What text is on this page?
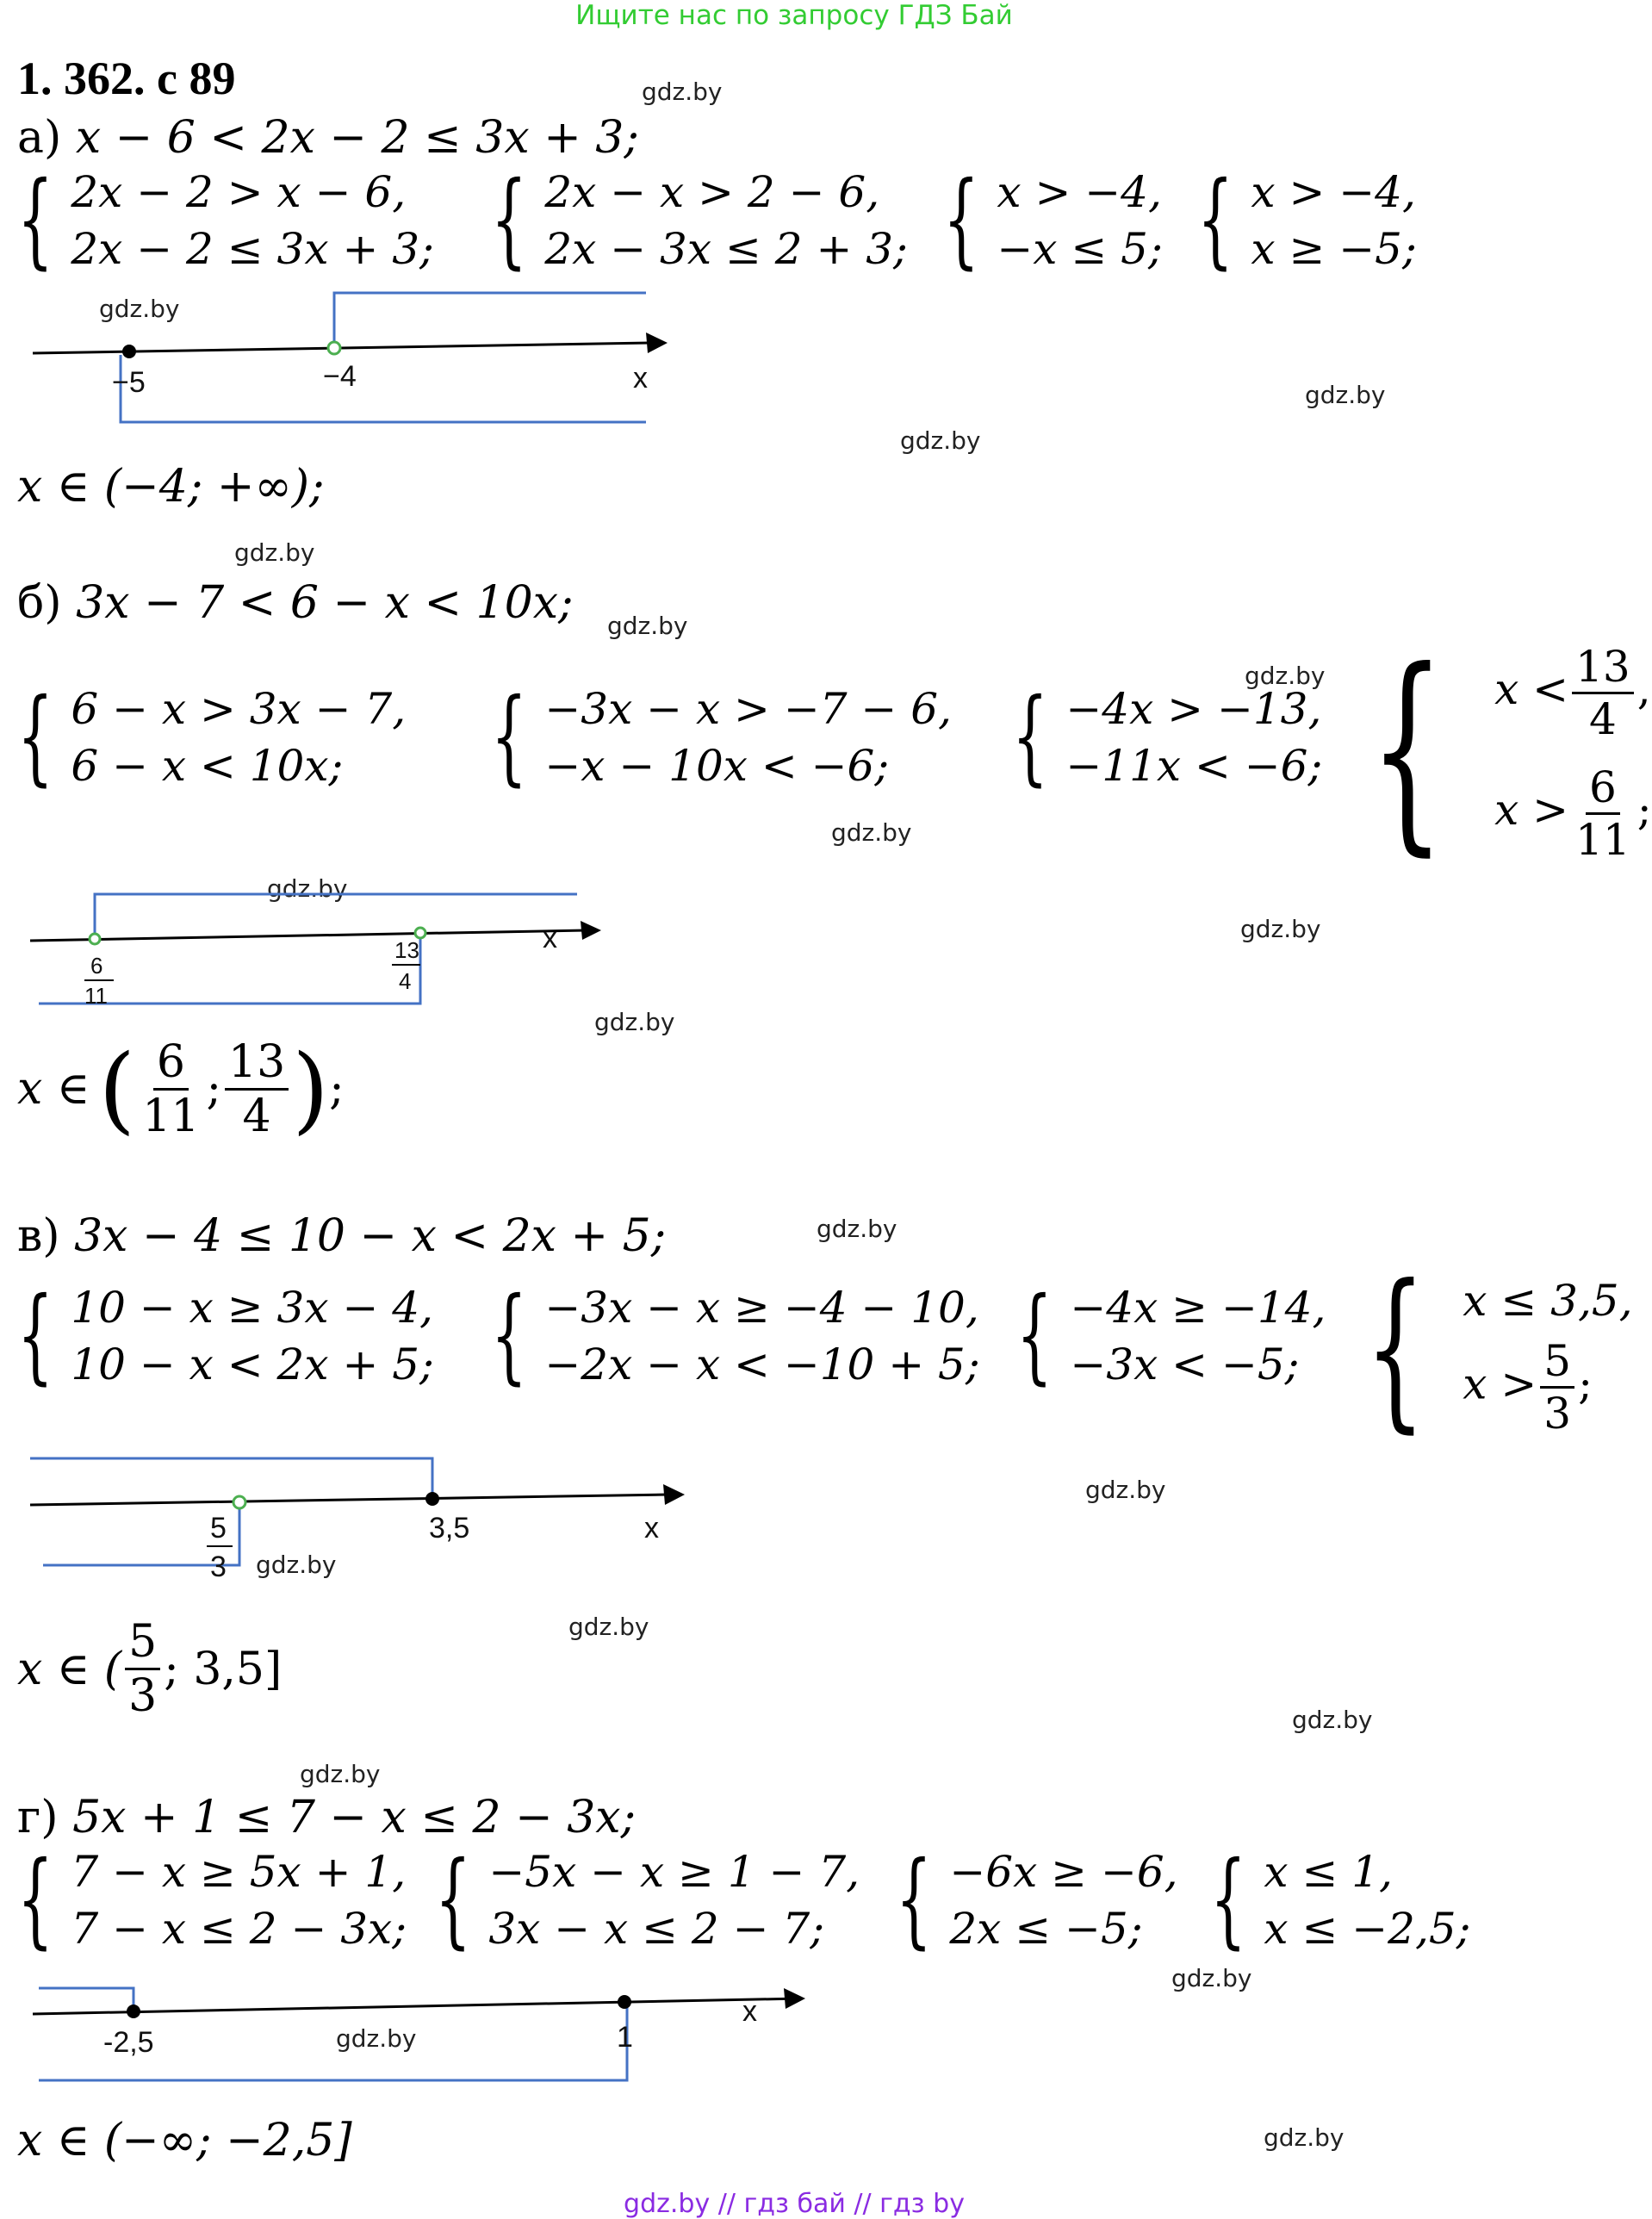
Ищите нас по запросу ГДЗ Бай
1. 362. с 89	gdz.by
gdz.by
gdz.by
gdz.by
gdz.by
gdz.by
gdz.by
gdz.by
gdz.by
gdz.by
gdz.by
gdz.by
gdz.by
gdz.by
gdz.by
gdz.by
gdz.by
gdz.by
gdz.by
gdz.by
а) x − 6 < 2x − 2 ≤ 3x + 3;
{ 2x − 2 > x − 6,
2x − 2 ≤ 3x + 3; { 2x − x > 2 − 6,
2x − 3x ≤ 2 + 3; { x > −4,
−x ≤ 5; { x > −4,
x ≥ −5;
−5	−4	x
x ∈ (−4; +∞);
б) 3x − 7 < 6 − x < 10x;
{ 6 − x > 3x − 7,
6 − x < 10x;	{ −3x − x > −7 − 6,
−x − 10x < −6;	{ −4x > −13,
−11x < −6; { $x < \frac{13}{4}$ ,
$x > \frac{6}{11}$ ;
6
11
13
4
x
x ∈ ( $\frac{6}{11}$ ; $\frac{13}{4}$ ) ;
в) 3x − 4 ≤ 10 − x < 2x + 5;
{ 10 − x ≥ 3x − 4,
10 − x < 2x + 5; { −3x − x ≥ −4 − 10,
−2x − x < −10 + 5; { −4x ≥ −14,
−3x < −5; { x ≤ 3,5,
$x > \frac{5}{3}$ ;
5
3
3,5	x
x ∈ ( $\frac{5}{3}$ ; 3,5]
г) 5x + 1 ≤ 7 − x ≤ 2 − 3x;
{ 7 − x ≥ 5x + 1,
7 − x ≤ 2 − 3x; { −5x − x ≥ 1 − 7,
3x − x ≤ 2 − 7; { −6x ≥ −6,
2x ≤ −5; { x ≤ 1,
x ≤ −2,5;
-2,5	1
x
x ∈ (−∞; −2,5]
gdz.by // гдз бай // гдз by
